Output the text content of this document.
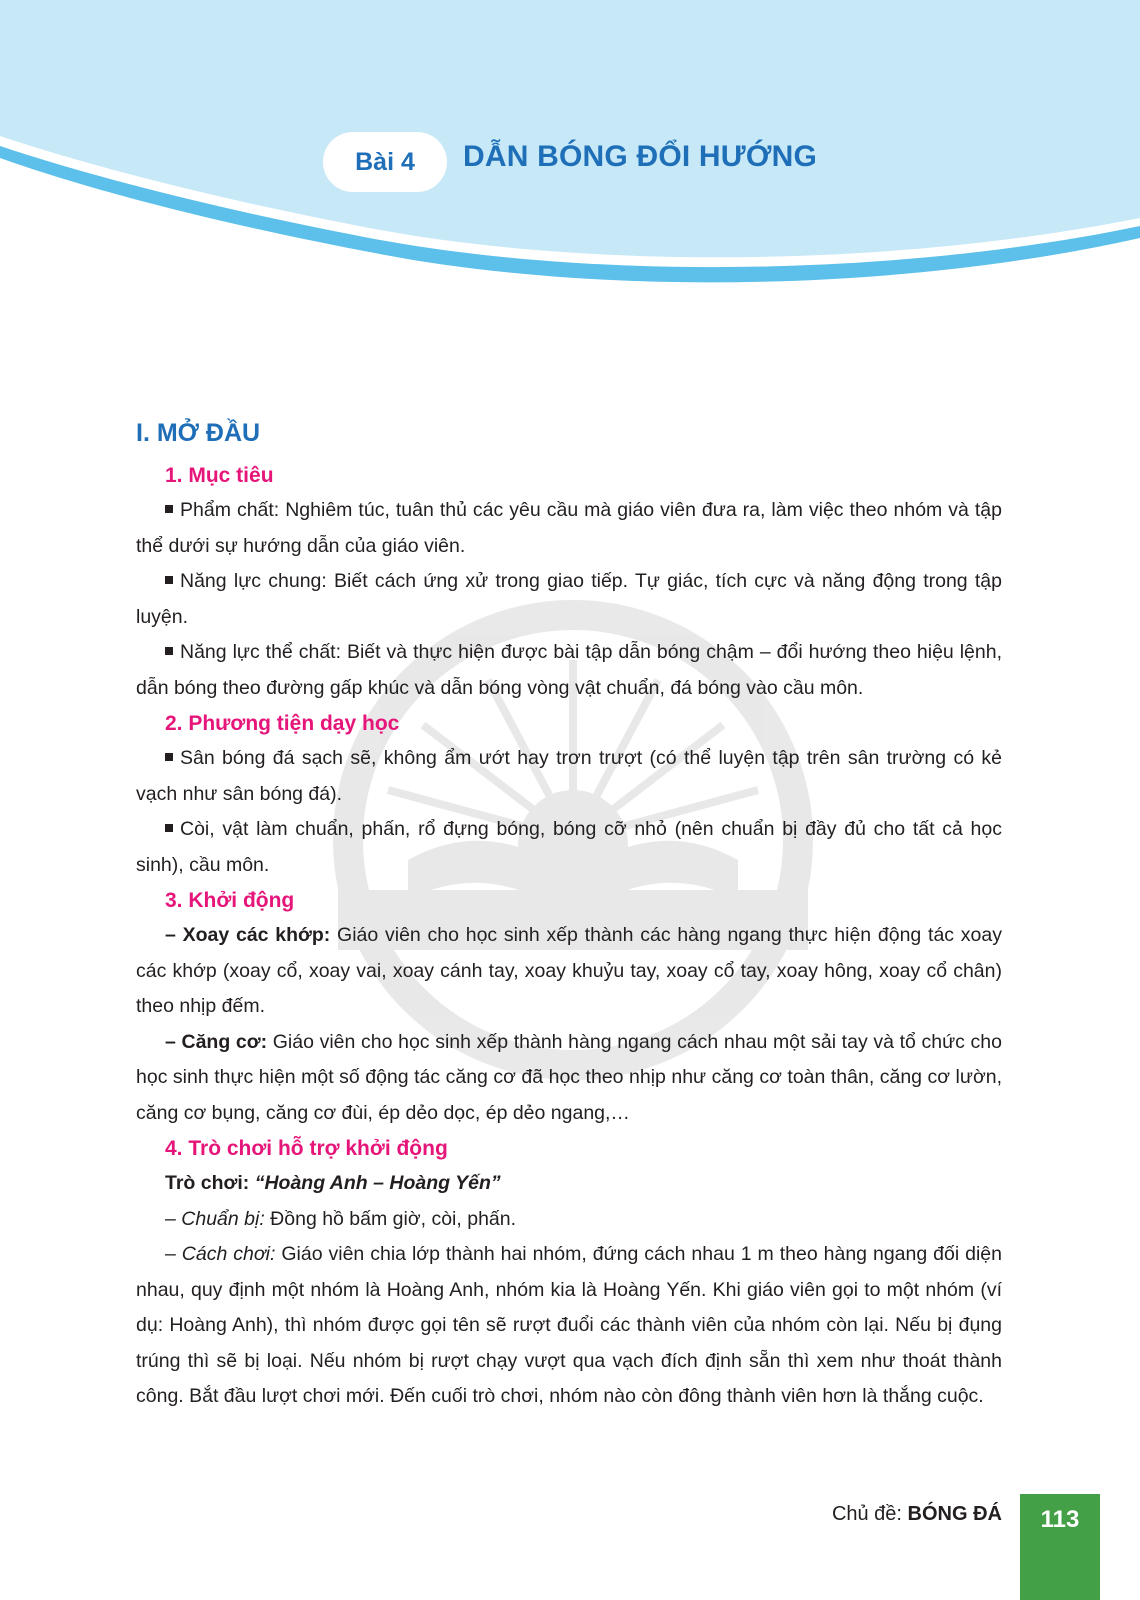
Bài 4	DẪN BÓNG ĐỔI HƯỚNG
I. MỞ ĐẦU
1. Mục tiêu

Phẩm chất: Nghiêm túc, tuân thủ các yêu cầu mà giáo viên đưa ra, làm việc theo nhóm và tập thể dưới sự hướng dẫn của giáo viên.

Năng lực chung: Biết cách ứng xử trong giao tiếp. Tự giác, tích cực và năng động trong tập luyện.

Năng lực thể chất: Biết và thực hiện được bài tập dẫn bóng chậm – đổi hướng theo hiệu lệnh, dẫn bóng theo đường gấp khúc và dẫn bóng vòng vật chuẩn, đá bóng vào cầu môn.

2. Phương tiện dạy học

Sân bóng đá sạch sẽ, không ẩm ướt hay trơn trượt (có thể luyện tập trên sân trường có kẻ vạch như sân bóng đá).

Còi, vật làm chuẩn, phấn, rổ đựng bóng, bóng cỡ nhỏ (nên chuẩn bị đầy đủ cho tất cả học sinh), cầu môn.

3. Khởi động

– Xoay các khớp: Giáo viên cho học sinh xếp thành các hàng ngang thực hiện động tác xoay các khớp (xoay cổ, xoay vai, xoay cánh tay, xoay khuỷu tay, xoay cổ tay, xoay hông, xoay cổ chân) theo nhịp đếm.

– Căng cơ: Giáo viên cho học sinh xếp thành hàng ngang cách nhau một sải tay và tổ chức cho học sinh thực hiện một số động tác căng cơ đã học theo nhịp như căng cơ toàn thân, căng cơ lườn, căng cơ bụng, căng cơ đùi, ép dẻo dọc, ép dẻo ngang,…

4. Trò chơi hỗ trợ khởi động

Trò chơi: “Hoàng Anh – Hoàng Yến”

– Chuẩn bị: Đồng hồ bấm giờ, còi, phấn.

– Cách chơi: Giáo viên chia lớp thành hai nhóm, đứng cách nhau 1 m theo hàng ngang đối diện nhau, quy định một nhóm là Hoàng Anh, nhóm kia là Hoàng Yến. Khi giáo viên gọi to một nhóm (ví dụ: Hoàng Anh), thì nhóm được gọi tên sẽ rượt đuổi các thành viên của nhóm còn lại. Nếu bị đụng trúng thì sẽ bị loại. Nếu nhóm bị rượt chạy vượt qua vạch đích định sẵn thì xem như thoát thành công. Bắt đầu lượt chơi mới. Đến cuối trò chơi, nhóm nào còn đông thành viên hơn là thắng cuộc.

Chủ đề: BÓNG ĐÁ	113
